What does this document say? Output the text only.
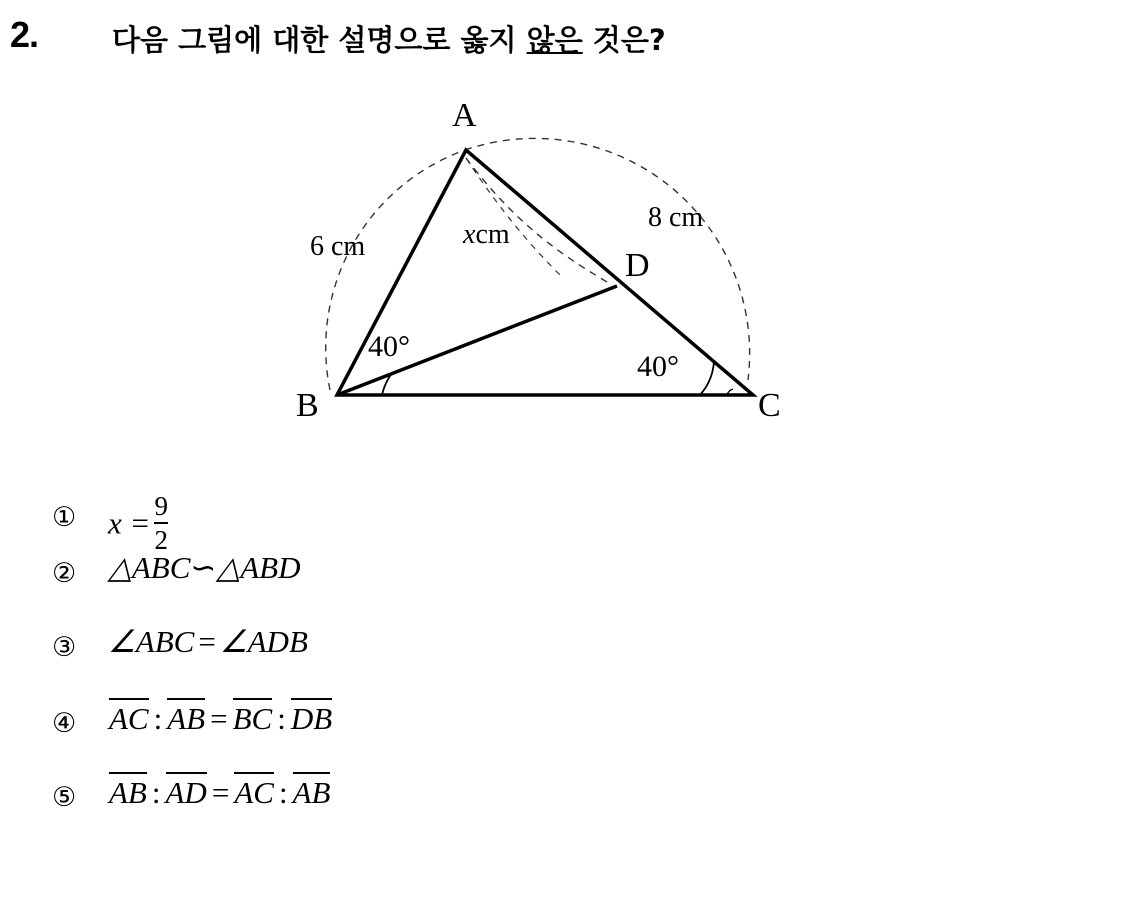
2.	다음 그림에 대한 설명으로 옳지 않은 것은?
A
B	C
D
6 cm
8 cm
xcm
40°
40°
① $x = \frac{9}{2}$
② △ABC∽△ABD
③ ∠ABC = ∠ADB
④ AC : AB = BC : DB
⑤ AB : AD = AC : AB
